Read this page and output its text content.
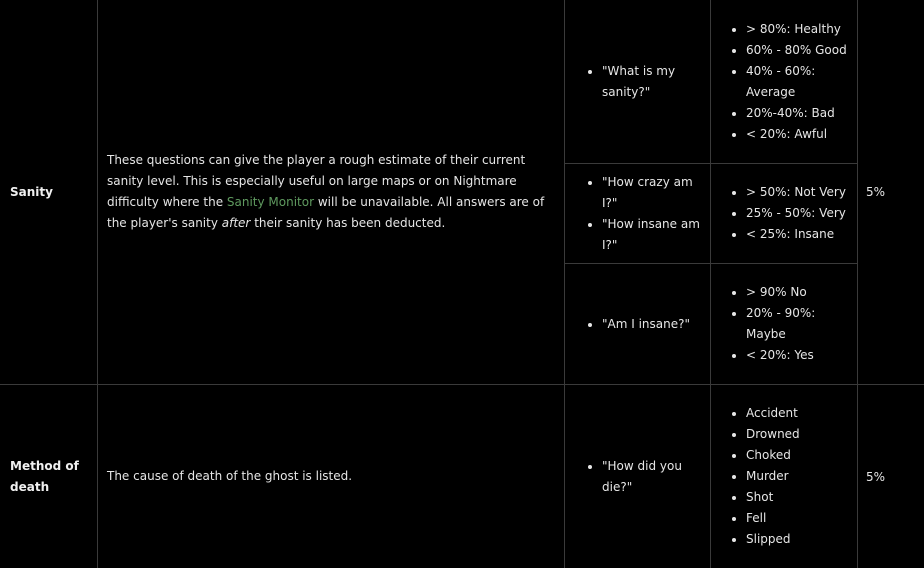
Sanity
These questions can give the player a rough estimate of their current sanity level. This is especially useful on large maps or on Nightmare difficulty where the Sanity Monitor will be unavailable. All answers are of the player's sanity after their sanity has been deducted.
"What is my sanity?"
> 80%: Healthy
60% - 80% Good
40% - 60%: Average
20%-40%: Bad
< 20%: Awful
"How crazy am I?"
"How insane am I?"
> 50%: Not Very
25% - 50%: Very
< 25%: Insane
"Am I insane?"
> 90% No
20% - 90%: Maybe
< 20%: Yes
5%
Method of death
The cause of death of the ghost is listed.
"How did you die?"
Accident
Drowned
Choked
Murder
Shot
Fell
Slipped
5%
